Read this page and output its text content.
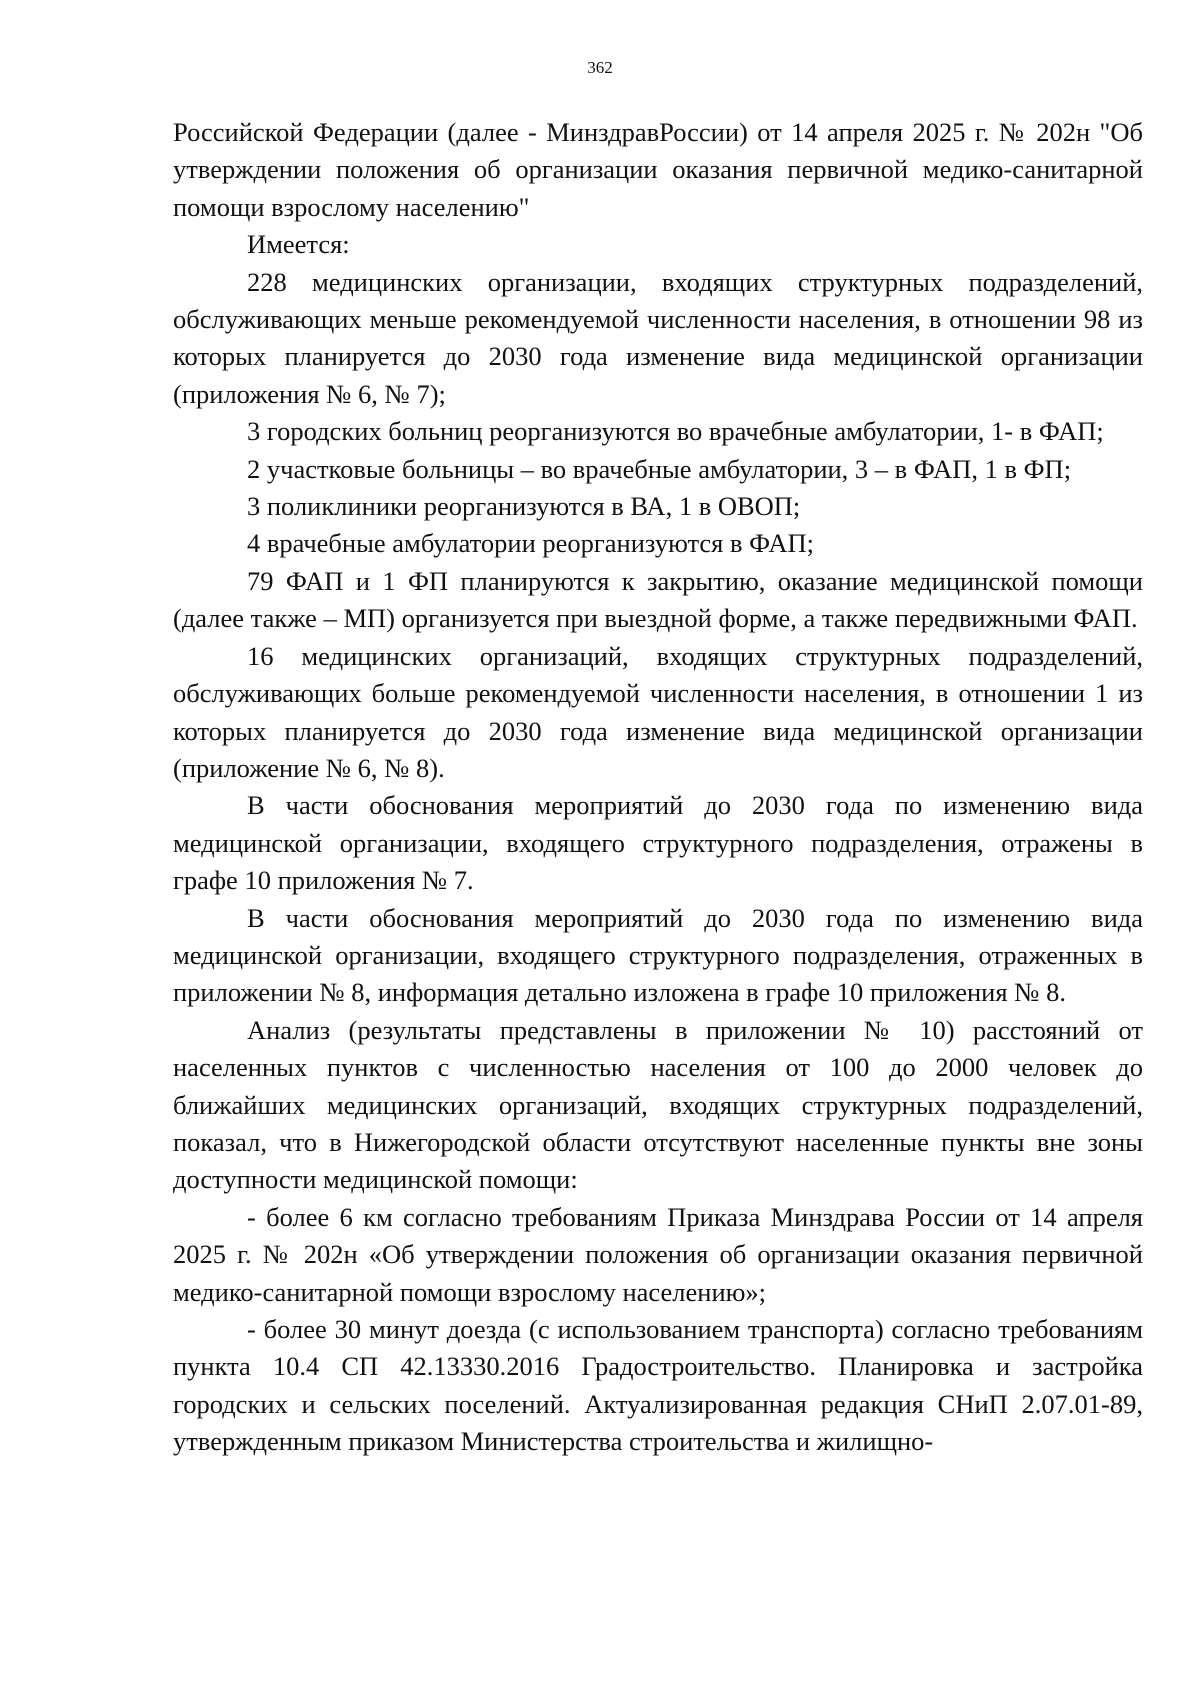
362

Российской Федерации (далее - МинздравРоссии) от 14 апреля 2025 г. № 202н "Об утверждении положения об организации оказания первичной медико-санитарной помощи взрослому населению"

Имеется:

228 медицинских организации, входящих структурных подразделений, обслуживающих меньше рекомендуемой численности населения, в отношении 98 из которых планируется до 2030 года изменение вида медицинской организации (приложения № 6, № 7);

3 городских больниц реорганизуются во врачебные амбулатории, 1- в ФАП;

2 участковые больницы – во врачебные амбулатории, 3 – в ФАП, 1 в ФП;

3 поликлиники реорганизуются в ВА, 1 в ОВОП;

4 врачебные амбулатории реорганизуются в ФАП;

79 ФАП и 1 ФП планируются к закрытию, оказание медицинской помощи (далее также – МП) организуется при выездной форме, а также передвижными ФАП.

16 медицинских организаций, входящих структурных подразделений, обслуживающих больше рекомендуемой численности населения, в отношении 1 из которых планируется до 2030 года изменение вида медицинской организации (приложение № 6, № 8).

В части обоснования мероприятий до 2030 года по изменению вида медицинской организации, входящего структурного подразделения, отражены в графе 10 приложения № 7.

В части обоснования мероприятий до 2030 года по изменению вида медицинской организации, входящего структурного подразделения, отраженных в приложении № 8, информация детально изложена в графе 10 приложения № 8.

Анализ (результаты представлены в приложении № 10) расстояний от населенных пунктов с численностью населения от 100 до 2000 человек до ближайших медицинских организаций, входящих структурных подразделений, показал, что в Нижегородской области отсутствуют населенные пункты вне зоны доступности медицинской помощи:

- более 6 км согласно требованиям Приказа Минздрава России от 14 апреля 2025 г. № 202н «Об утверждении положения об организации оказания первичной медико-санитарной помощи взрослому населению»;

- более 30 минут доезда (с использованием транспорта) согласно требованиям пункта 10.4 СП 42.13330.2016 Градостроительство. Планировка и застройка городских и сельских поселений. Актуализированная редакция СНиП 2.07.01-89, утвержденным приказом Министерства строительства и жилищно-
